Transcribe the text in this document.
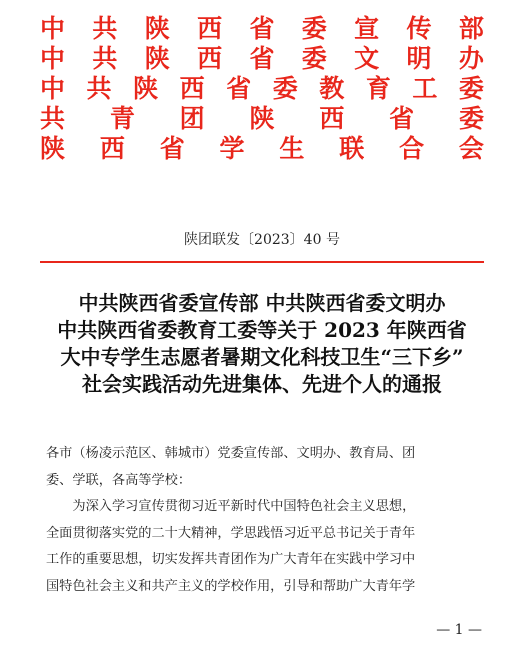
中 共 陕 西 省 委 宣 传 部
中 共 陕 西 省 委 文 明 办
中 共 陕 西 省 委 教 育 工 委
共 青 团 陕 西 省 委
陕 西 省 学 生 联 合 会
陕团联发〔2023〕40 号
中共陕西省委宣传部 中共陕西省委文明办
中共陕西省委教育工委等关于 2023 年陕西省
大中专学生志愿者暑期文化科技卫生“三下乡”
社会实践活动先进集体、先进个人的通报

各市（杨凌示范区、韩城市）党委宣传部、文明办、教育局、团

委、学联，各高等学校：

为深入学习宣传贯彻习近平新时代中国特色社会主义思想，

全面贯彻落实党的二十大精神，学思践悟习近平总书记关于青年

工作的重要思想，切实发挥共青团作为广大青年在实践中学习中

国特色社会主义和共产主义的学校作用，引导和帮助广大青年学

— 1 —
